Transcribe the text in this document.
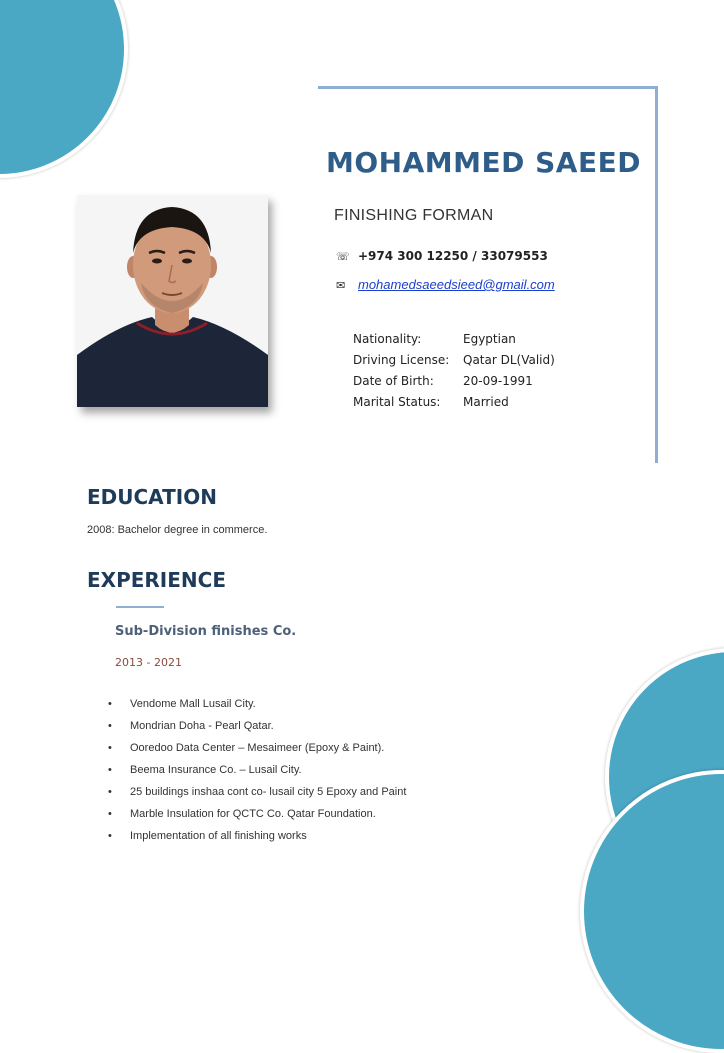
MOHAMMED SAEED
FINISHING FORMAN
☏ +974 300 12250 / 33079553
✉ mohamedsaeedsieed@gmail.com
Nationality:	Egyptian
Driving License:	Qatar DL(Valid)
Date of Birth:	20-09-1991
Marital Status:	Married
EDUCATION
2008: Bachelor degree in commerce.
EXPERIENCE
Sub-Division finishes Co.
2013 - 2021
• Vendome Mall Lusail City.
• Mondrian Doha - Pearl Qatar.
• Ooredoo Data Center – Mesaimeer (Epoxy & Paint).
• Beema Insurance Co. – Lusail City.
• 25 buildings inshaa cont co- lusail city 5 Epoxy and Paint
• Marble Insulation for QCTC Co. Qatar Foundation.
• Implementation of all finishing works
